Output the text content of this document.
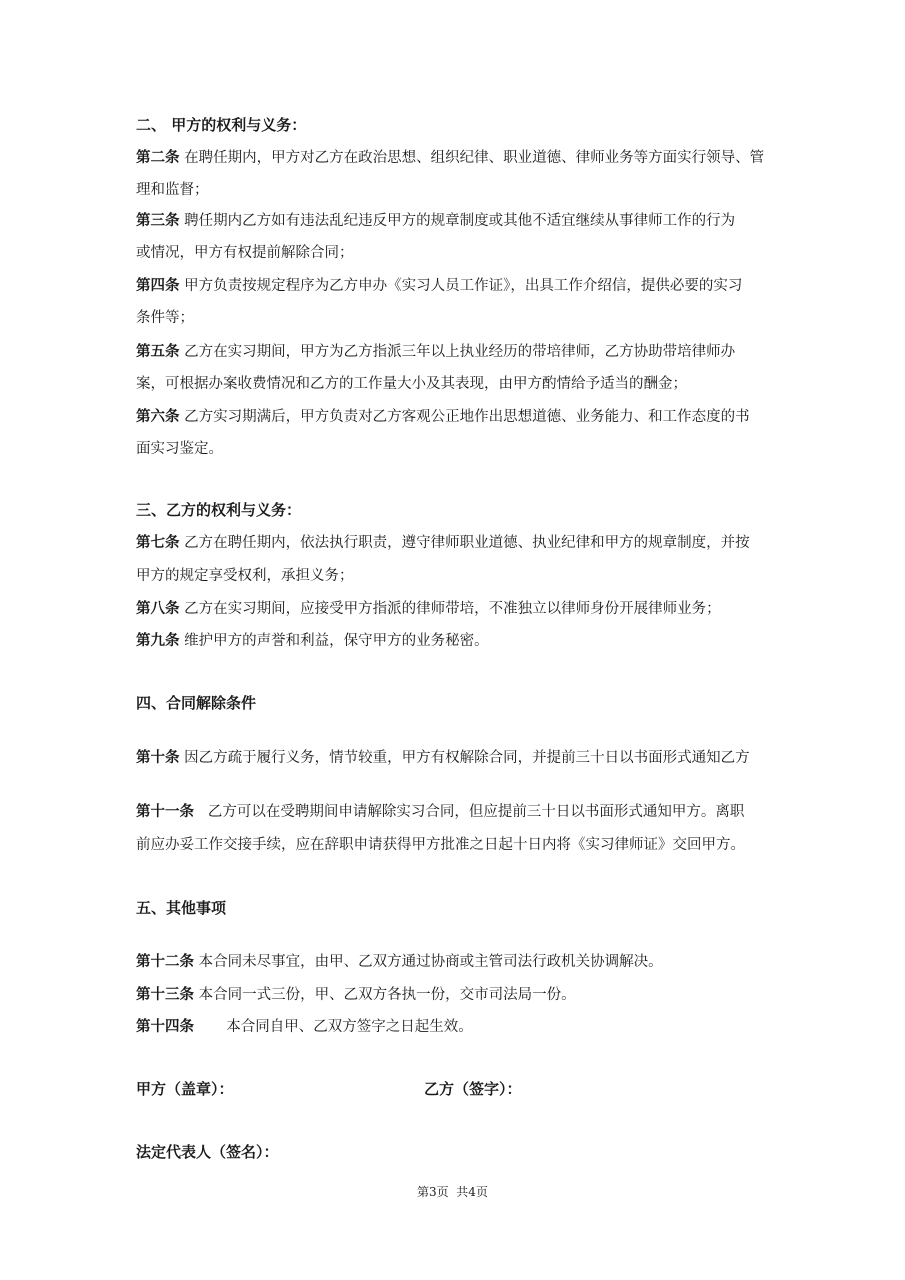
二、 甲方的权利与义务：
第二条 在聘任期内，甲方对乙方在政治思想、组织纪律、职业道德、律师业务等方面实行领导、管
理和监督；
第三条 聘任期内乙方如有违法乱纪违反甲方的规章制度或其他不适宜继续从事律师工作的行为
或情况，甲方有权提前解除合同；
第四条 甲方负责按规定程序为乙方申办《实习人员工作证》，出具工作介绍信，提供必要的实习
条件等；
第五条 乙方在实习期间，甲方为乙方指派三年以上执业经历的带培律师，乙方协助带培律师办
案，可根据办案收费情况和乙方的工作量大小及其表现，由甲方酌情给予适当的酬金；
第六条 乙方实习期满后，甲方负责对乙方客观公正地作出思想道德、业务能力、和工作态度的书
面实习鉴定。
三、乙方的权利与义务：
第七条 乙方在聘任期内，依法执行职责，遵守律师职业道德、执业纪律和甲方的规章制度，并按
甲方的规定享受权利，承担义务；
第八条 乙方在实习期间，应接受甲方指派的律师带培，不准独立以律师身份开展律师业务；
第九条 维护甲方的声誉和利益，保守甲方的业务秘密。
四、合同解除条件
第十条 因乙方疏于履行义务，情节较重，甲方有权解除合同，并提前三十日以书面形式通知乙方
第十一条   乙方可以在受聘期间申请解除实习合同，但应提前三十日以书面形式通知甲方。离职
前应办妥工作交接手续，应在辞职申请获得甲方批准之日起十日内将《实习律师证》交回甲方。
五、其他事项
第十二条 本合同未尽事宜，由甲、乙双方通过协商或主管司法行政机关协调解决。
第十三条 本合同一式三份，甲、乙双方各执一份，交市司法局一份。
第十四条       本合同自甲、乙双方签字之日起生效。
甲方（盖章）：	乙方（签字）：
法定代表人（签名）：
第3页  共4页
